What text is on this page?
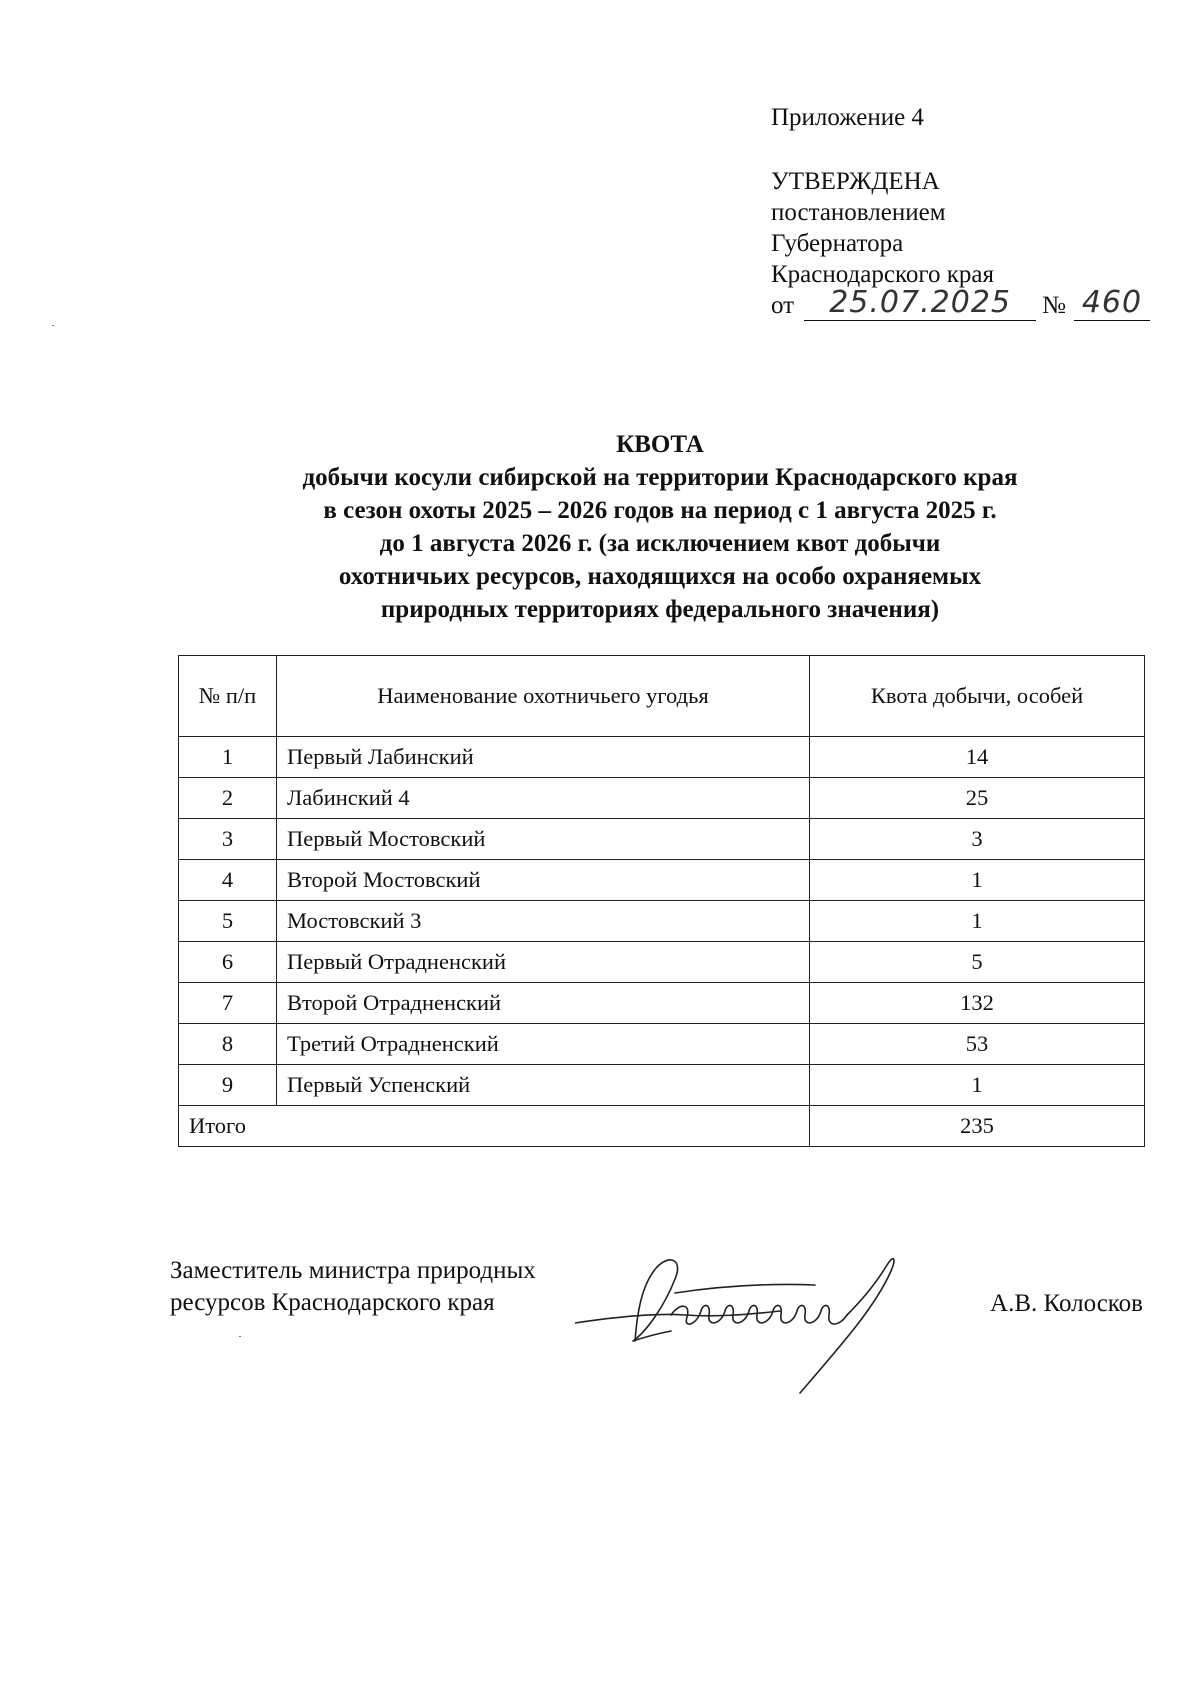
Приложение 4
УТВЕРЖДЕНА
постановлением
Губернатора
Краснодарского края
от	25.07.2025	№ 460
КВОТА
добычи косули сибирской на территории Краснодарского края
в сезон охоты 2025 – 2026 годов на период с 1 августа 2025 г.
до 1 августа 2026 г. (за исключением квот добычи
охотничьих ресурсов, находящихся на особо охраняемых
природных территориях федерального значения)
№ п/п	Наименование охотничьего угодья	Квота добычи, особей
1	Первый Лабинский	14
2	Лабинский 4	25
3	Первый Мостовский	3
4	Второй Мостовский	1
5	Мостовский 3	1
6	Первый Отрадненский	5
7	Второй Отрадненский	132
8	Третий Отрадненский	53
9	Первый Успенский	1
Итого		235
Заместитель министра природных
ресурсов Краснодарского края	А.В. Колосков
